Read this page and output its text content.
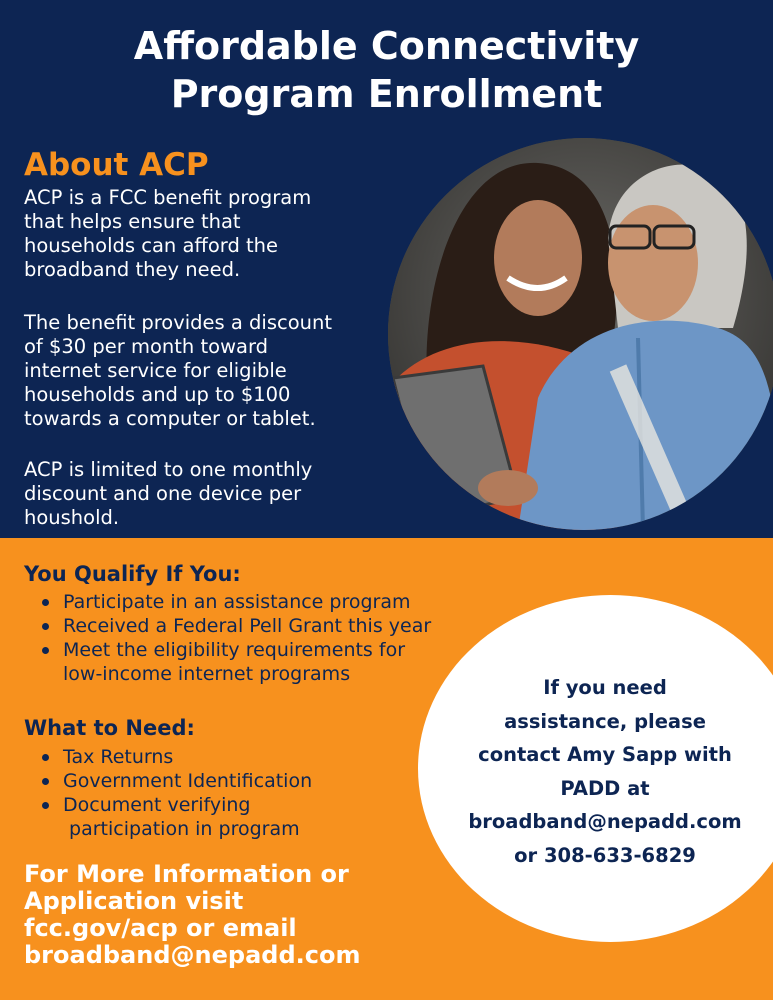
Affordable Connectivity
Program Enrollment
About ACP

ACP is a FCC benefit program
that helps ensure that
households can afford the
broadband they need.

The benefit provides a discount
of $30 per month toward
internet service for eligible
households and up to $100
towards a computer or tablet.

ACP is limited to one monthly
discount and one device per
houshold.

You Qualify If You:
Participate in an assistance program
Received a Federal Pell Grant this year
Meet the eligibility requirements for
low-income internet programs
What to Need:
Tax Returns
Government Identification
Document verifying
participation in program
For More Information or
Application visit
fcc.gov/acp or email
broadband@nepadd.com
If you need
assistance, please
contact Amy Sapp with
PADD at
broadband@nepadd.com
or 308-633-6829
